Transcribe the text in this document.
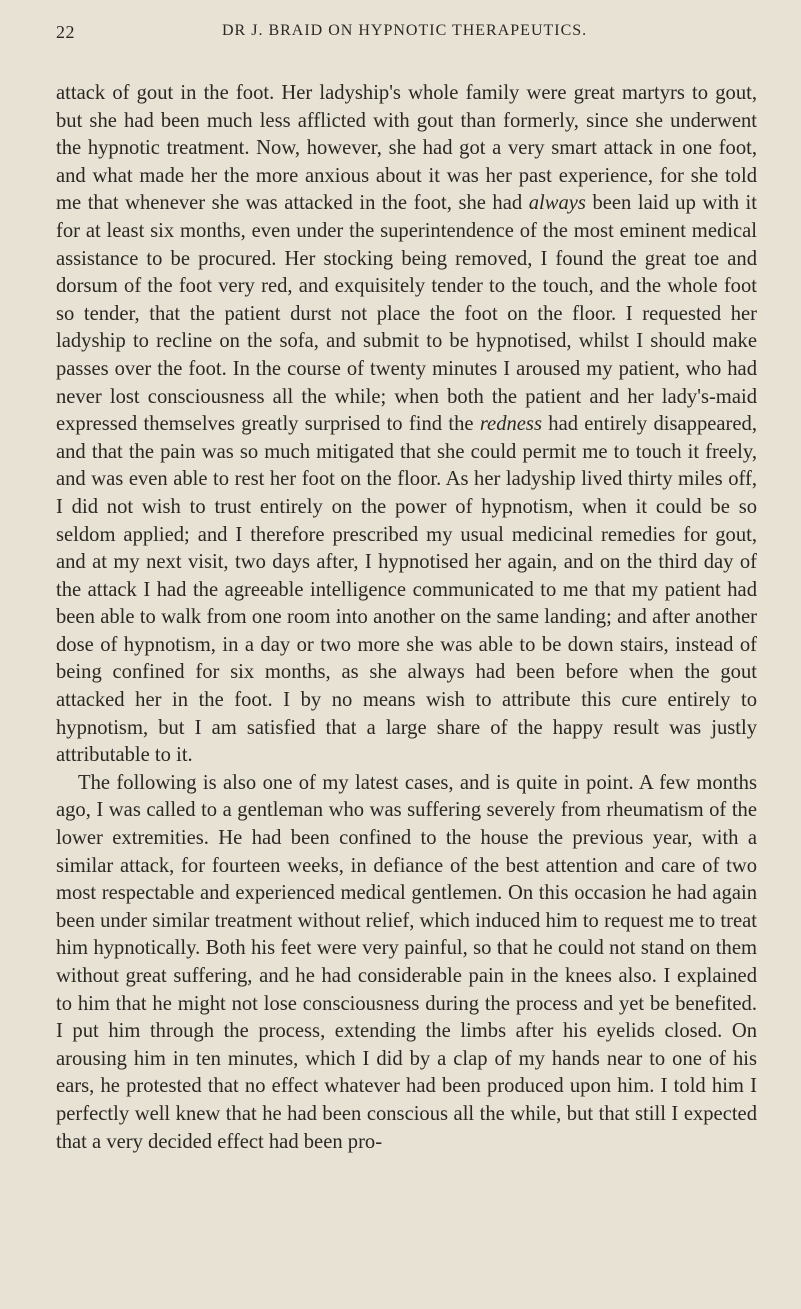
22	DR J. BRAID ON HYPNOTIC THERAPEUTICS.

attack of gout in the foot. Her ladyship's whole family were great martyrs to gout, but she had been much less afflicted with gout than formerly, since she underwent the hypnotic treatment. Now, however, she had got a very smart attack in one foot, and what made her the more anxious about it was her past experience, for she told me that whenever she was attacked in the foot, she had always been laid up with it for at least six months, even under the superintendence of the most eminent medical assistance to be procured. Her stocking being removed, I found the great toe and dorsum of the foot very red, and exquisitely tender to the touch, and the whole foot so tender, that the patient durst not place the foot on the floor. I requested her ladyship to recline on the sofa, and submit to be hypnotised, whilst I should make passes over the foot. In the course of twenty minutes I aroused my patient, who had never lost consciousness all the while; when both the patient and her lady's-maid expressed themselves greatly surprised to find the redness had entirely disappeared, and that the pain was so much mitigated that she could permit me to touch it freely, and was even able to rest her foot on the floor. As her ladyship lived thirty miles off, I did not wish to trust entirely on the power of hypnotism, when it could be so seldom applied; and I therefore prescribed my usual medicinal remedies for gout, and at my next visit, two days after, I hypnotised her again, and on the third day of the attack I had the agreeable intelligence communicated to me that my patient had been able to walk from one room into another on the same landing; and after another dose of hypnotism, in a day or two more she was able to be down stairs, instead of being confined for six months, as she always had been before when the gout attacked her in the foot. I by no means wish to attribute this cure entirely to hypnotism, but I am satisfied that a large share of the happy result was justly attributable to it.

The following is also one of my latest cases, and is quite in point. A few months ago, I was called to a gentleman who was suffering severely from rheumatism of the lower extremities. He had been confined to the house the previous year, with a similar attack, for fourteen weeks, in defiance of the best attention and care of two most respectable and experienced medical gentlemen. On this occasion he had again been under similar treatment without relief, which induced him to request me to treat him hypnotically. Both his feet were very painful, so that he could not stand on them without great suffering, and he had considerable pain in the knees also. I explained to him that he might not lose consciousness during the process and yet be benefited. I put him through the process, extending the limbs after his eyelids closed. On arousing him in ten minutes, which I did by a clap of my hands near to one of his ears, he protested that no effect whatever had been produced upon him. I told him I perfectly well knew that he had been conscious all the while, but that still I expected that a very decided effect had been pro-
